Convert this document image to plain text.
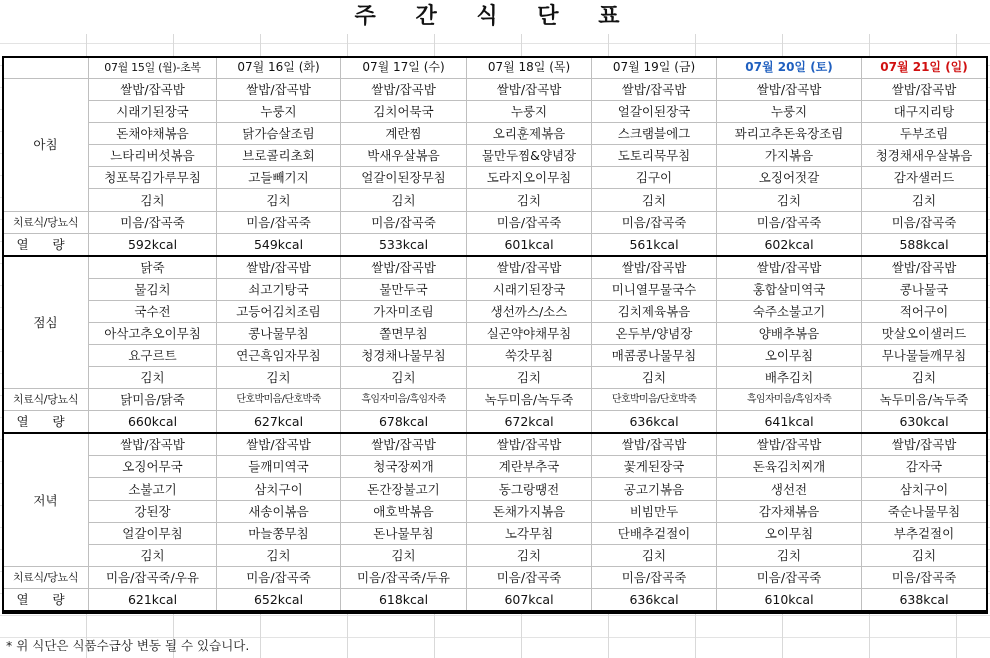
주 간 식 단 표
	07월 15일 (월)-초복	07월 16일 (화)	07월 17일 (수)	07월 18일 (목)	07월 19일 (금)	07월 20일 (토)	07월 21일 (일)
아침	쌀밥/잡곡밥	쌀밥/잡곡밥	쌀밥/잡곡밥	쌀밥/잡곡밥	쌀밥/잡곡밥	쌀밥/잡곡밥	쌀밥/잡곡밥
	시래기된장국	누룽지	김치어묵국	누룽지	얼갈이된장국	누룽지	대구지리탕
	돈채야채볶음	닭가슴살조림	계란찜	오리훈제볶음	스크램블에그	꽈리고추돈육장조림	두부조림
	느타리버섯볶음	브로콜리초회	박새우살볶음	물만두찜&양념장	도토리묵무침	가지볶음	청경채새우살볶음
	청포묵김가루무침	고들빼기지	얼갈이된장무침	도라지오이무침	김구이	오징어젓갈	감자샐러드
	김치	김치	김치	김치	김치	김치	김치
치료식/당뇨식	미음/잡곡죽	미음/잡곡죽	미음/잡곡죽	미음/잡곡죽	미음/잡곡죽	미음/잡곡죽	미음/잡곡죽
열 량	592kcal	549kcal	533kcal	601kcal	561kcal	602kcal	588kcal
점심	닭죽	쌀밥/잡곡밥	쌀밥/잡곡밥	쌀밥/잡곡밥	쌀밥/잡곡밥	쌀밥/잡곡밥	쌀밥/잡곡밥
	물김치	쇠고기탕국	물만두국	시래기된장국	미니열무물국수	홍합살미역국	콩나물국
	국수전	고등어김치조림	가자미조림	생선까스/소스	김치제육볶음	숙주소불고기	적어구이
	아삭고추오이무침	콩나물무침	쫄면무침	실곤약야채무침	온두부/양념장	양배추볶음	맛살오이샐러드
	요구르트	연근흑임자무침	청경채나물무침	쑥갓무침	매콤콩나물무침	오이무침	무나물들깨무침
	김치	김치	김치	김치	김치	배추김치	김치
치료식/당뇨식	닭미음/닭죽	단호박미음/단호박죽	흑임자미음/흑임자죽	녹두미음/녹두죽	단호박미음/단호박죽	흑임자미음/흑임자죽	녹두미음/녹두죽
열 량	660kcal	627kcal	678kcal	672kcal	636kcal	641kcal	630kcal
저녁	쌀밥/잡곡밥	쌀밥/잡곡밥	쌀밥/잡곡밥	쌀밥/잡곡밥	쌀밥/잡곡밥	쌀밥/잡곡밥	쌀밥/잡곡밥
	오징어무국	들깨미역국	청국장찌개	계란부추국	꽃게된장국	돈육김치찌개	감자국
	소불고기	삼치구이	돈간장불고기	동그랑땡전	공고기볶음	생선전	삼치구이
	강된장	새송이볶음	애호박볶음	돈채가지볶음	비빔만두	감자채볶음	죽순나물무침
	얼갈이무침	마늘쫑무침	돈나물무침	노각무침	단배추겉절이	오이무침	부추겉절이
	김치	김치	김치	김치	김치	김치	김치
치료식/당뇨식	미음/잡곡죽/우유	미음/잡곡죽	미음/잡곡죽/두유	미음/잡곡죽	미음/잡곡죽	미음/잡곡죽	미음/잡곡죽
열 량	621kcal	652kcal	618kcal	607kcal	636kcal	610kcal	638kcal
* 위 식단은 식품수급상 변동 될 수 있습니다.
